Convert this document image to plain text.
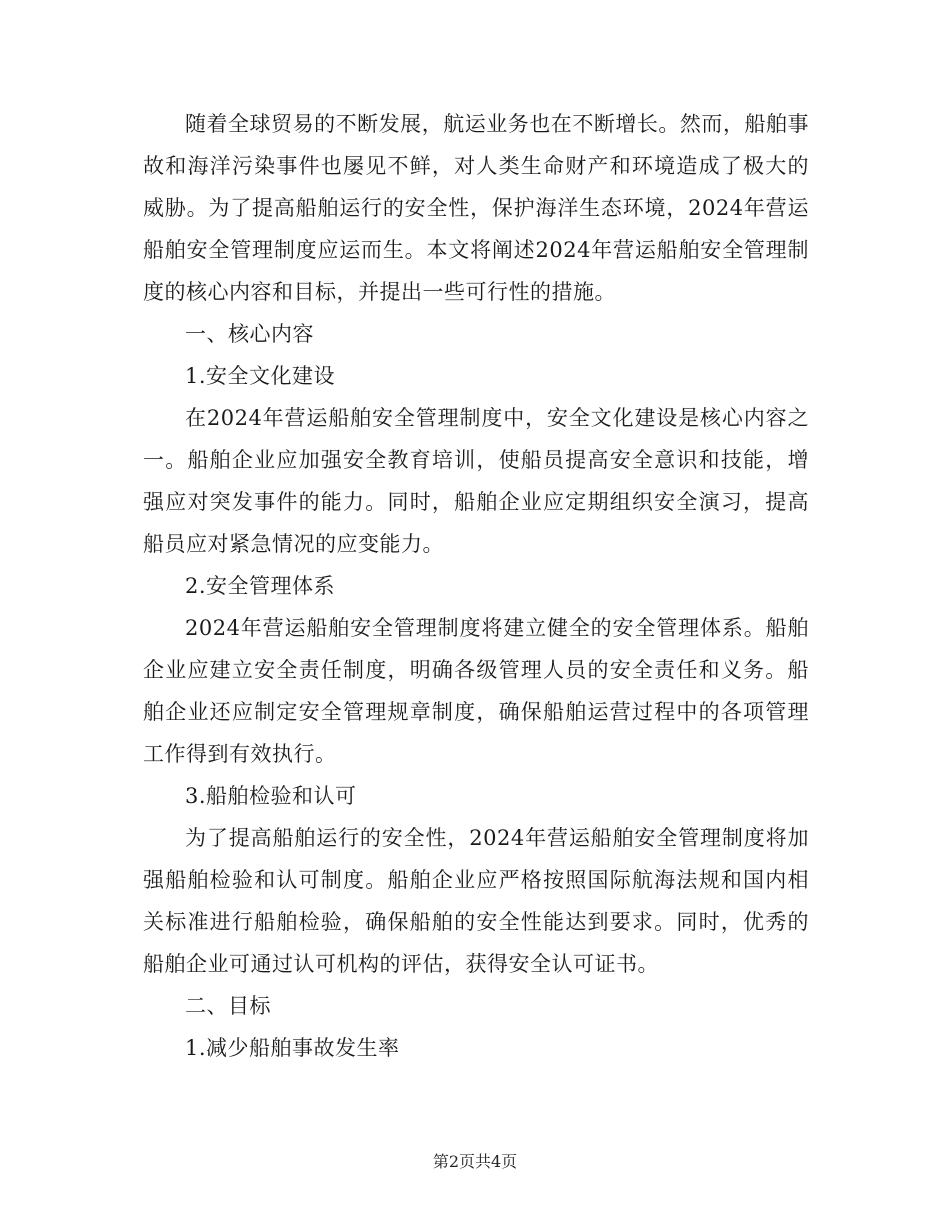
随着全球贸易的不断发展，航运业务也在不断增长。然而，船舶事故和海洋污染事件也屡见不鲜，对人类生命财产和环境造成了极大的威胁。为了提高船舶运行的安全性，保护海洋生态环境，2024年营运船舶安全管理制度应运而生。本文将阐述2024年营运船舶安全管理制度的核心内容和目标，并提出一些可行性的措施。

一、核心内容

1.安全文化建设

在2024年营运船舶安全管理制度中，安全文化建设是核心内容之一。船舶企业应加强安全教育培训，使船员提高安全意识和技能，增强应对突发事件的能力。同时，船舶企业应定期组织安全演习，提高船员应对紧急情况的应变能力。

2.安全管理体系

2024年营运船舶安全管理制度将建立健全的安全管理体系。船舶企业应建立安全责任制度，明确各级管理人员的安全责任和义务。船舶企业还应制定安全管理规章制度，确保船舶运营过程中的各项管理工作得到有效执行。

3.船舶检验和认可

为了提高船舶运行的安全性，2024年营运船舶安全管理制度将加强船舶检验和认可制度。船舶企业应严格按照国际航海法规和国内相关标准进行船舶检验，确保船舶的安全性能达到要求。同时，优秀的船舶企业可通过认可机构的评估，获得安全认可证书。

二、目标

1.减少船舶事故发生率

第2页共4页
